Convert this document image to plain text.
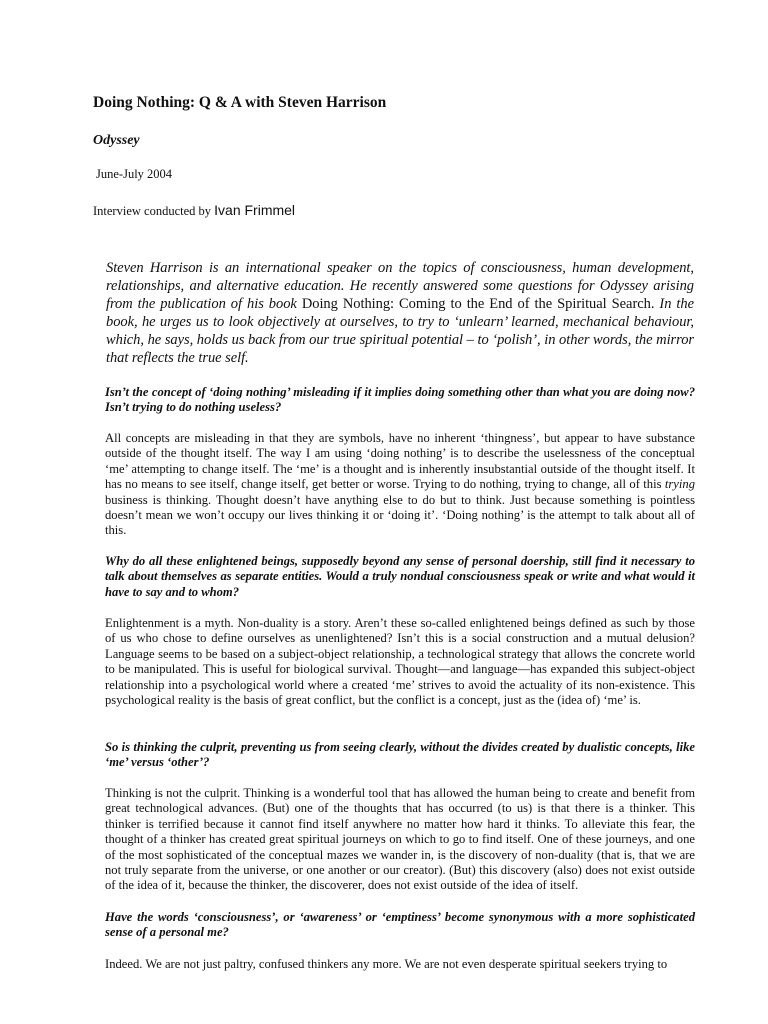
Doing Nothing: Q & A with Steven Harrison
Odyssey
June-July 2004
Interview conducted by Ivan Frimmel

Steven Harrison is an international speaker on the topics of consciousness, human development, relationships, and alternative education. He recently answered some questions for Odyssey arising from the publication of his book Doing Nothing: Coming to the End of the Spiritual Search. In the book, he urges us to look objectively at ourselves, to try to ‘unlearn’ learned, mechanical behaviour, which, he says, holds us back from our true spiritual potential – to ‘polish’, in other words, the mirror that reflects the true self.

Isn’t the concept of ‘doing nothing’ misleading if it implies doing something other than what you are doing now? Isn’t trying to do nothing useless?

All concepts are misleading in that they are symbols, have no inherent ‘thingness’, but appear to have substance outside of the thought itself. The way I am using ‘doing nothing’ is to describe the uselessness of the conceptual ‘me’ attempting to change itself. The ‘me’ is a thought and is inherently insubstantial outside of the thought itself. It has no means to see itself, change itself, get better or worse. Trying to do nothing, trying to change, all of this trying business is thinking. Thought doesn’t have anything else to do but to think. Just because something is pointless doesn’t mean we won’t occupy our lives thinking it or ‘doing it’. ‘Doing nothing’ is the attempt to talk about all of this.

Why do all these enlightened beings, supposedly beyond any sense of personal doership, still find it necessary to talk about themselves as separate entities. Would a truly nondual consciousness speak or write and what would it have to say and to whom?

Enlightenment is a myth. Non-duality is a story. Aren’t these so-called enlightened beings defined as such by those of us who chose to define ourselves as unenlightened? Isn’t this is a social construction and a mutual delusion? Language seems to be based on a subject-object relationship, a technological strategy that allows the concrete world to be manipulated. This is useful for biological survival. Thought—and language—has expanded this subject-object relationship into a psychological world where a created ‘me’ strives to avoid the actuality of its non-existence. This psychological reality is the basis of great conflict, but the conflict is a concept, just as the (idea of) ‘me’ is.

So is thinking the culprit, preventing us from seeing clearly, without the divides created by dualistic concepts, like ‘me’ versus ‘other’?

Thinking is not the culprit. Thinking is a wonderful tool that has allowed the human being to create and benefit from great technological advances. (But) one of the thoughts that has occurred (to us) is that there is a thinker. This thinker is terrified because it cannot find itself anywhere no matter how hard it thinks. To alleviate this fear, the thought of a thinker has created great spiritual journeys on which to go to find itself. One of these journeys, and one of the most sophisticated of the conceptual mazes we wander in, is the discovery of non-duality (that is, that we are not truly separate from the universe, or one another or our creator). (But) this discovery (also) does not exist outside of the idea of it, because the thinker, the discoverer, does not exist outside of the idea of itself.

Have the words ‘consciousness’, or ‘awareness’ or ‘emptiness’ become synonymous with a more sophisticated sense of a personal me?

Indeed. We are not just paltry, confused thinkers any more. We are not even desperate spiritual seekers trying to
